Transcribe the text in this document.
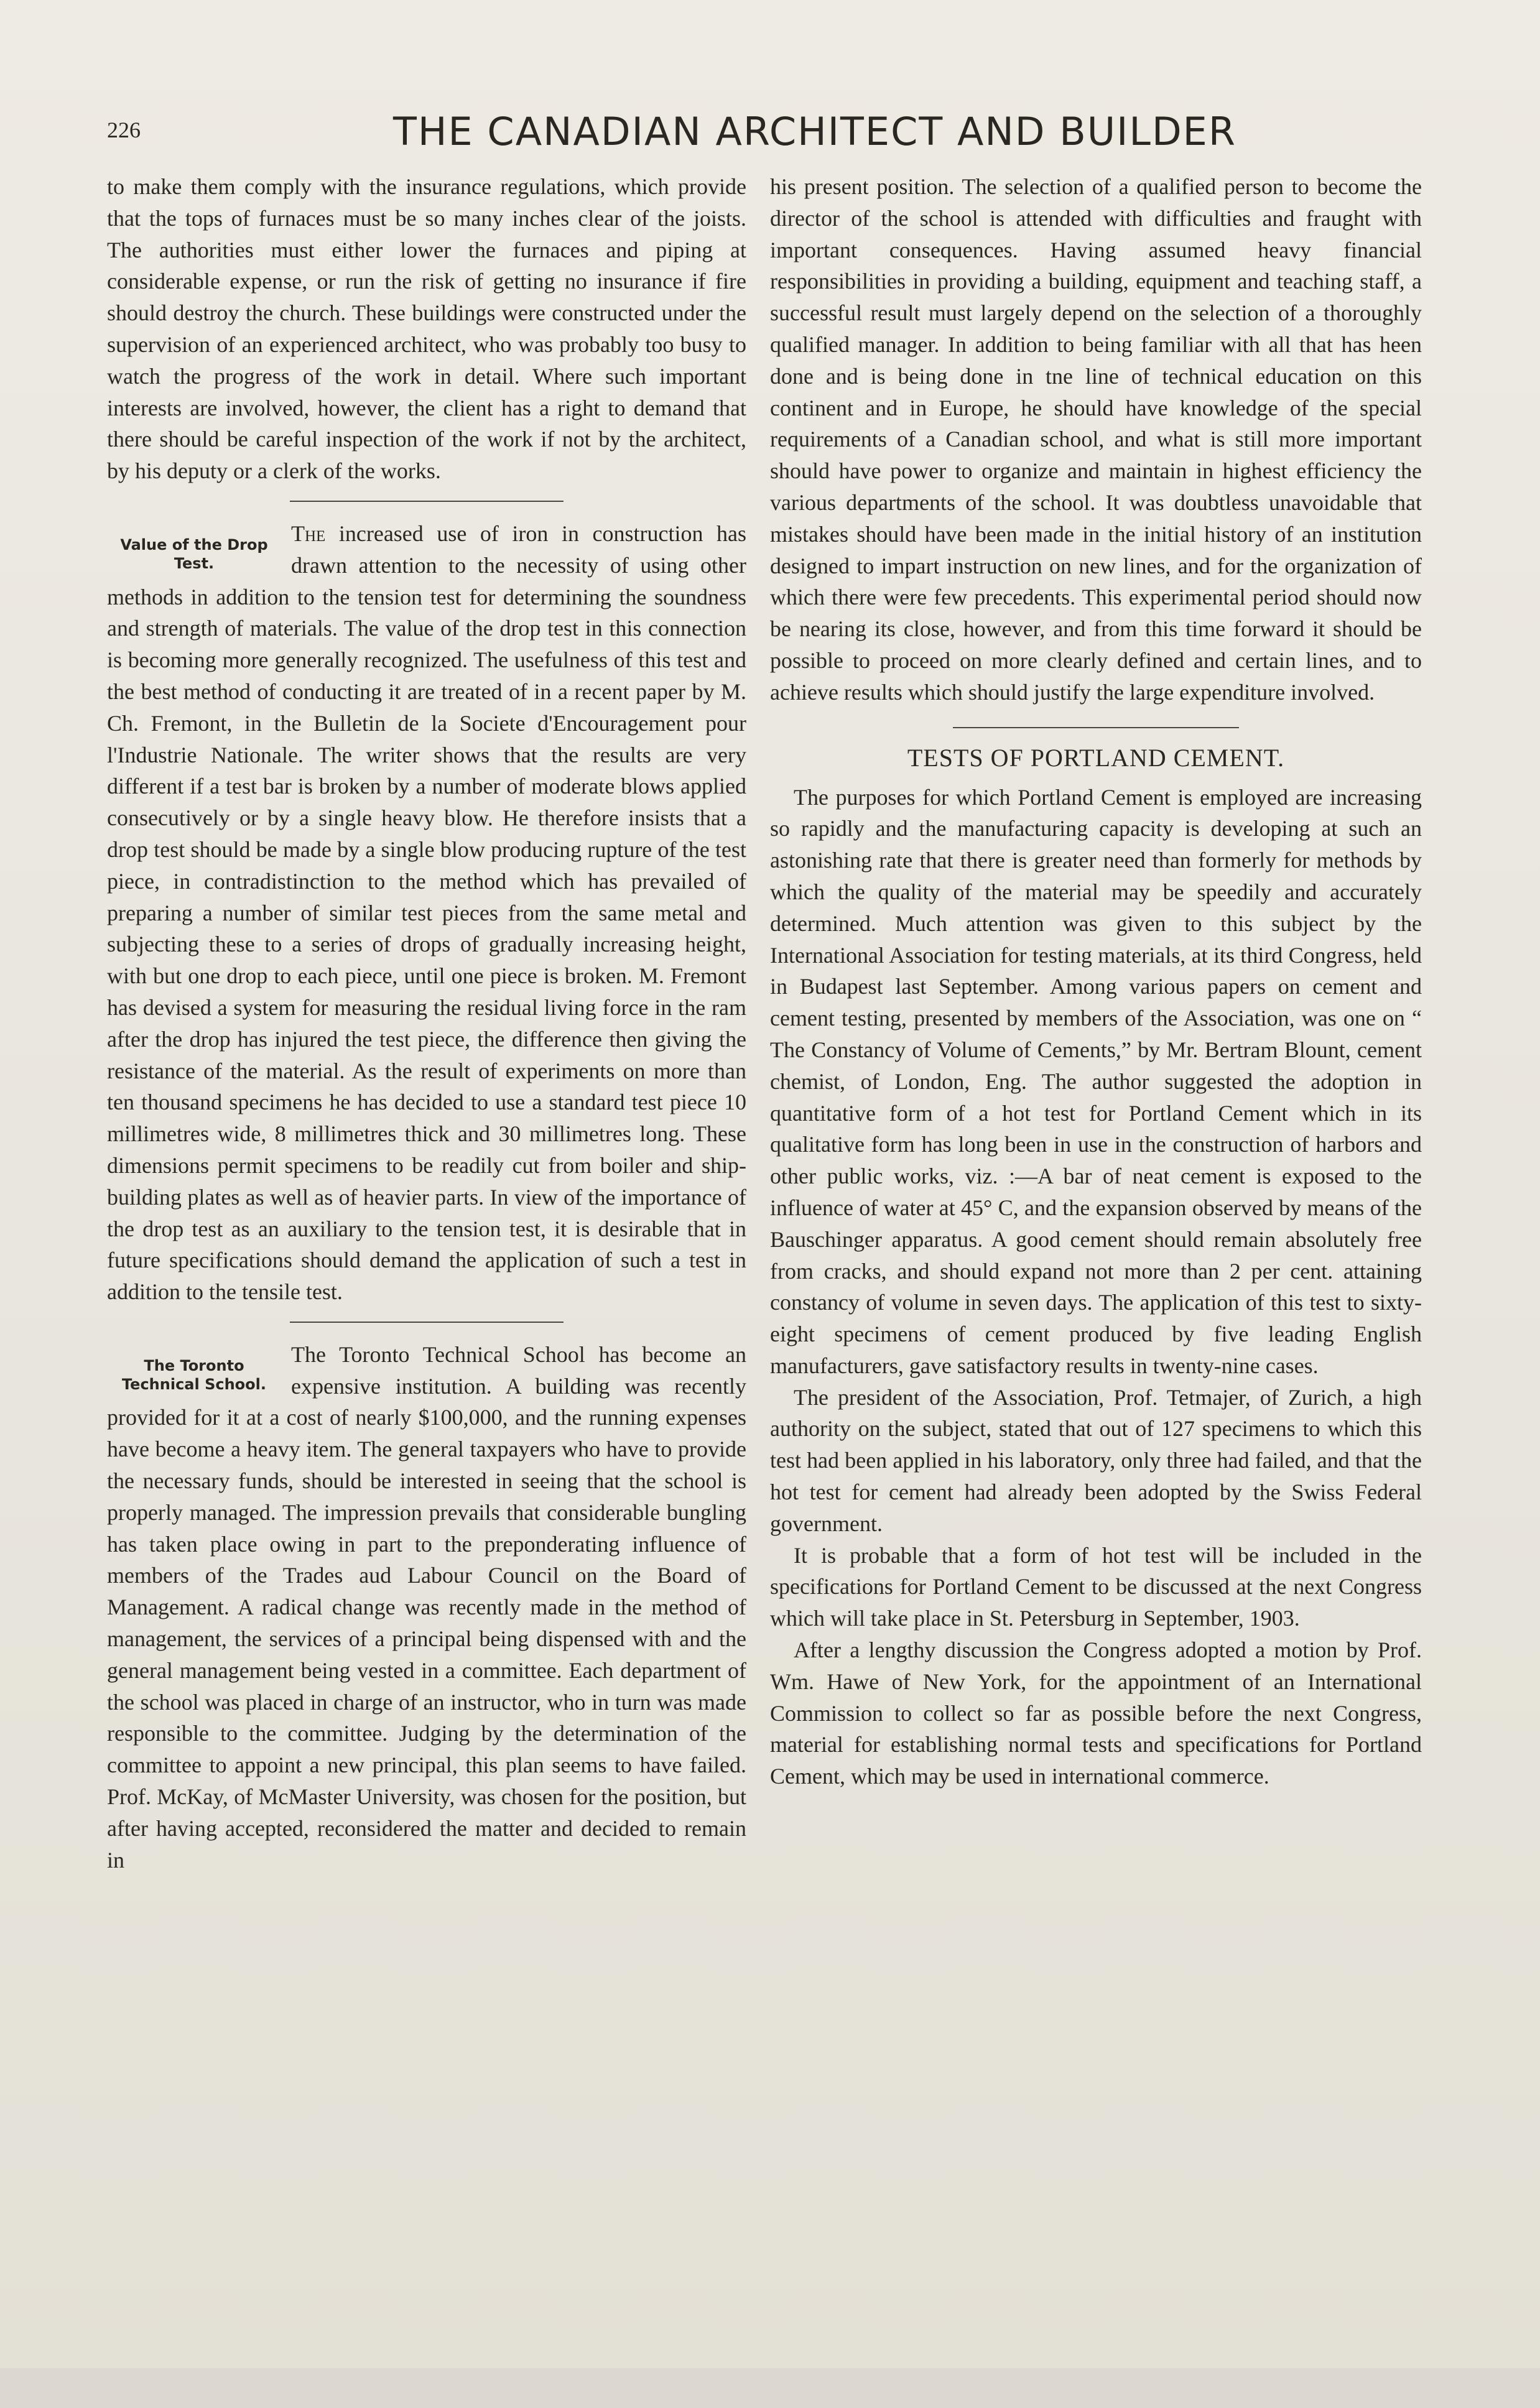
226	THE CANADIAN ARCHITECT AND BUILDER

to make them comply with the insurance regulations, which provide that the tops of furnaces must be so many inches clear of the joists. The authorities must either lower the furnaces and piping at considerable expense, or run the risk of getting no insurance if fire should destroy the church. These buildings were constructed under the supervision of an experienced architect, who was probably too busy to watch the progress of the work in detail. Where such important interests are involved, however, the client has a right to demand that there should be careful inspection of the work if not by the architect, by his deputy or a clerk of the works.

Value of the Drop Test.

The increased use of iron in construction has drawn attention to the necessity of using other methods in addition to the tension test for determining the soundness and strength of materials. The value of the drop test in this connection is becoming more generally recognized. The usefulness of this test and the best method of conducting it are treated of in a recent paper by M. Ch. Fremont, in the Bulletin de la Societe d'Encouragement pour l'Industrie Nationale. The writer shows that the results are very different if a test bar is broken by a number of moderate blows applied consecutively or by a single heavy blow. He therefore insists that a drop test should be made by a single blow producing rupture of the test piece, in contradistinction to the method which has prevailed of preparing a number of similar test pieces from the same metal and subjecting these to a series of drops of gradually increasing height, with but one drop to each piece, until one piece is broken. M. Fremont has devised a system for measuring the residual living force in the ram after the drop has injured the test piece, the difference then giving the resistance of the material. As the result of experiments on more than ten thousand specimens he has decided to use a standard test piece 10 millimetres wide, 8 millimetres thick and 30 millimetres long. These dimensions permit specimens to be readily cut from boiler and ship-building plates as well as of heavier parts. In view of the importance of the drop test as an auxiliary to the tension test, it is desirable that in future specifications should demand the application of such a test in addition to the tensile test.

The Toronto Technical School.

The Toronto Technical School has become an expensive institution. A building was recently provided for it at a cost of nearly $100,000, and the running expenses have become a heavy item. The general taxpayers who have to provide the necessary funds, should be interested in seeing that the school is properly managed. The impression prevails that considerable bungling has taken place owing in part to the preponderating influence of members of the Trades aud Labour Council on the Board of Management. A radical change was recently made in the method of management, the services of a principal being dispensed with and the general management being vested in a committee. Each department of the school was placed in charge of an instructor, who in turn was made responsible to the committee. Judging by the determination of the committee to appoint a new principal, this plan seems to have failed. Prof. McKay, of McMaster University, was chosen for the position, but after having accepted, reconsidered the matter and decided to remain in

his present position. The selection of a qualified person to become the director of the school is attended with difficulties and fraught with important consequences. Having assumed heavy financial responsibilities in providing a building, equipment and teaching staff, a successful result must largely depend on the selection of a thoroughly qualified manager. In addition to being familiar with all that has heen done and is being done in tne line of technical education on this continent and in Europe, he should have knowledge of the special requirements of a Canadian school, and what is still more important should have power to organize and maintain in highest efficiency the various departments of the school. It was doubtless unavoidable that mistakes should have been made in the initial history of an institution designed to impart instruction on new lines, and for the organization of which there were few precedents. This experimental period should now be nearing its close, however, and from this time forward it should be possible to proceed on more clearly defined and certain lines, and to achieve results which should justify the large expenditure involved.

TESTS OF PORTLAND CEMENT.

The purposes for which Portland Cement is employed are increasing so rapidly and the manufacturing capacity is developing at such an astonishing rate that there is greater need than formerly for methods by which the quality of the material may be speedily and accurately determined. Much attention was given to this subject by the International Association for testing materials, at its third Congress, held in Budapest last September. Among various papers on cement and cement testing, presented by members of the Association, was one on “ The Constancy of Volume of Cements,” by Mr. Bertram Blount, cement chemist, of London, Eng. The author suggested the adoption in quantitative form of a hot test for Portland Cement which in its qualitative form has long been in use in the construction of harbors and other public works, viz. :—A bar of neat cement is exposed to the influence of water at 45° C, and the expansion observed by means of the Bauschinger apparatus. A good cement should remain absolutely free from cracks, and should expand not more than 2 per cent. attaining constancy of volume in seven days. The application of this test to sixty-eight specimens of cement produced by five leading English manufacturers, gave satisfactory results in twenty-nine cases.

The president of the Association, Prof. Tetmajer, of Zurich, a high authority on the subject, stated that out of 127 specimens to which this test had been applied in his laboratory, only three had failed, and that the hot test for cement had already been adopted by the Swiss Federal government.

It is probable that a form of hot test will be included in the specifications for Portland Cement to be discussed at the next Congress which will take place in St. Petersburg in September, 1903.

After a lengthy discussion the Congress adopted a motion by Prof. Wm. Hawe of New York, for the appointment of an International Commission to collect so far as possible before the next Congress, material for establishing normal tests and specifications for Portland Cement, which may be used in international commerce.
